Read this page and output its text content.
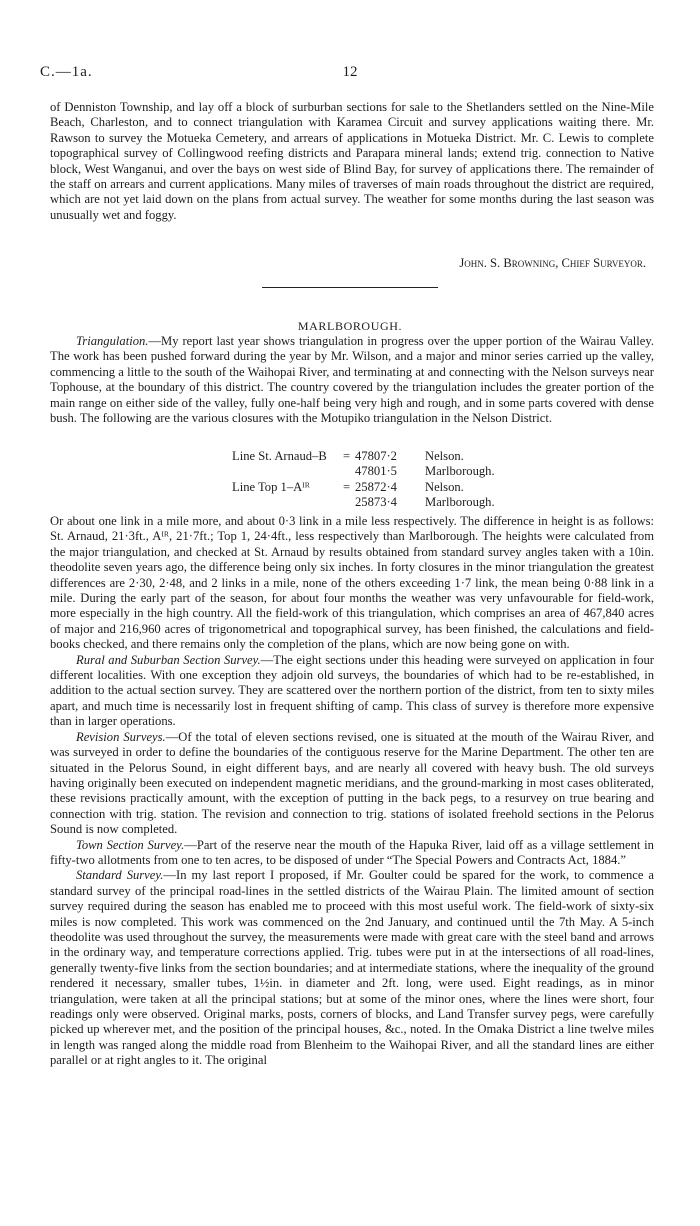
C.—1a.	12

of Denniston Township, and lay off a block of surburban sections for sale to the Shetlanders settled on the Nine-Mile Beach, Charleston, and to connect triangulation with Karamea Circuit and survey applications waiting there. Mr. Rawson to survey the Motueka Cemetery, and arrears of applications in Motueka District. Mr. C. Lewis to complete topographical survey of Collingwood reefing districts and Parapara mineral lands; extend trig. connection to Native block, West Wanganui, and over the bays on west side of Blind Bay, for survey of applications there. The remainder of the staff on arrears and current applications. Many miles of traverses of main roads throughout the district are required, which are not yet laid down on the plans from actual survey. The weather for some months during the last season was unusually wet and foggy.

John. S. Browning, Chief Surveyor.
MARLBOROUGH.

Triangulation.—My report last year shows triangulation in progress over the upper portion of the Wairau Valley. The work has been pushed forward during the year by Mr. Wilson, and a major and minor series carried up the valley, commencing a little to the south of the Waihopai River, and terminating at and connecting with the Nelson surveys near Tophouse, at the boundary of this district. The country covered by the triangulation includes the greater portion of the main range on either side of the valley, fully one-half being very high and rough, and in some parts covered with dense bush. The following are the various closures with the Motupiko triangulation in the Nelson District.

Line St. Arnaud–B	=	47807·2	Nelson.
		47801·5	Marlborough.
Line Top 1–Aᴵᴿ	=	25872·4	Nelson.
		25873·4	Marlborough.

Or about one link in a mile more, and about 0·3 link in a mile less respectively. The difference in height is as follows: St. Arnaud, 21·3ft., Aᴵᴿ, 21·7ft.; Top 1, 24·4ft., less respectively than Marlborough. The heights were calculated from the major triangulation, and checked at St. Arnaud by results obtained from standard survey angles taken with a 10in. theodolite seven years ago, the difference being only six inches. In forty closures in the minor triangulation the greatest differences are 2·30, 2·48, and 2 links in a mile, none of the others exceeding 1·7 link, the mean being 0·88 link in a mile. During the early part of the season, for about four months the weather was very unfavourable for field-work, more especially in the high country. All the field-work of this triangulation, which comprises an area of 467,840 acres of major and 216,960 acres of trigonometrical and topographical survey, has been finished, the calculations and field-books checked, and there remains only the completion of the plans, which are now being gone on with.

Rural and Suburban Section Survey.—The eight sections under this heading were surveyed on application in four different localities. With one exception they adjoin old surveys, the boundaries of which had to be re-established, in addition to the actual section survey. They are scattered over the northern portion of the district, from ten to sixty miles apart, and much time is necessarily lost in frequent shifting of camp. This class of survey is therefore more expensive than in larger operations.

Revision Surveys.—Of the total of eleven sections revised, one is situated at the mouth of the Wairau River, and was surveyed in order to define the boundaries of the contiguous reserve for the Marine Department. The other ten are situated in the Pelorus Sound, in eight different bays, and are nearly all covered with heavy bush. The old surveys having originally been executed on independent magnetic meridians, and the ground-marking in most cases obliterated, these revisions practically amount, with the exception of putting in the back pegs, to a resurvey on true bearing and connection with trig. station. The revision and connection to trig. stations of isolated freehold sections in the Pelorus Sound is now completed.

Town Section Survey.—Part of the reserve near the mouth of the Hapuka River, laid off as a village settlement in fifty-two allotments from one to ten acres, to be disposed of under “The Special Powers and Contracts Act, 1884.”

Standard Survey.—In my last report I proposed, if Mr. Goulter could be spared for the work, to commence a standard survey of the principal road-lines in the settled districts of the Wairau Plain. The limited amount of section survey required during the season has enabled me to proceed with this most useful work. The field-work of sixty-six miles is now completed. This work was commenced on the 2nd January, and continued until the 7th May. A 5-inch theodolite was used throughout the survey, the measurements were made with great care with the steel band and arrows in the ordinary way, and temperature corrections applied. Trig. tubes were put in at the intersections of all road-lines, generally twenty-five links from the section boundaries; and at intermediate stations, where the inequality of the ground rendered it necessary, smaller tubes, 1½in. in diameter and 2ft. long, were used. Eight readings, as in minor triangulation, were taken at all the principal stations; but at some of the minor ones, where the lines were short, four readings only were observed. Original marks, posts, corners of blocks, and Land Transfer survey pegs, were carefully picked up wherever met, and the position of the principal houses, &c., noted. In the Omaka District a line twelve miles in length was ranged along the middle road from Blenheim to the Waihopai River, and all the standard lines are either parallel or at right angles to it. The original
